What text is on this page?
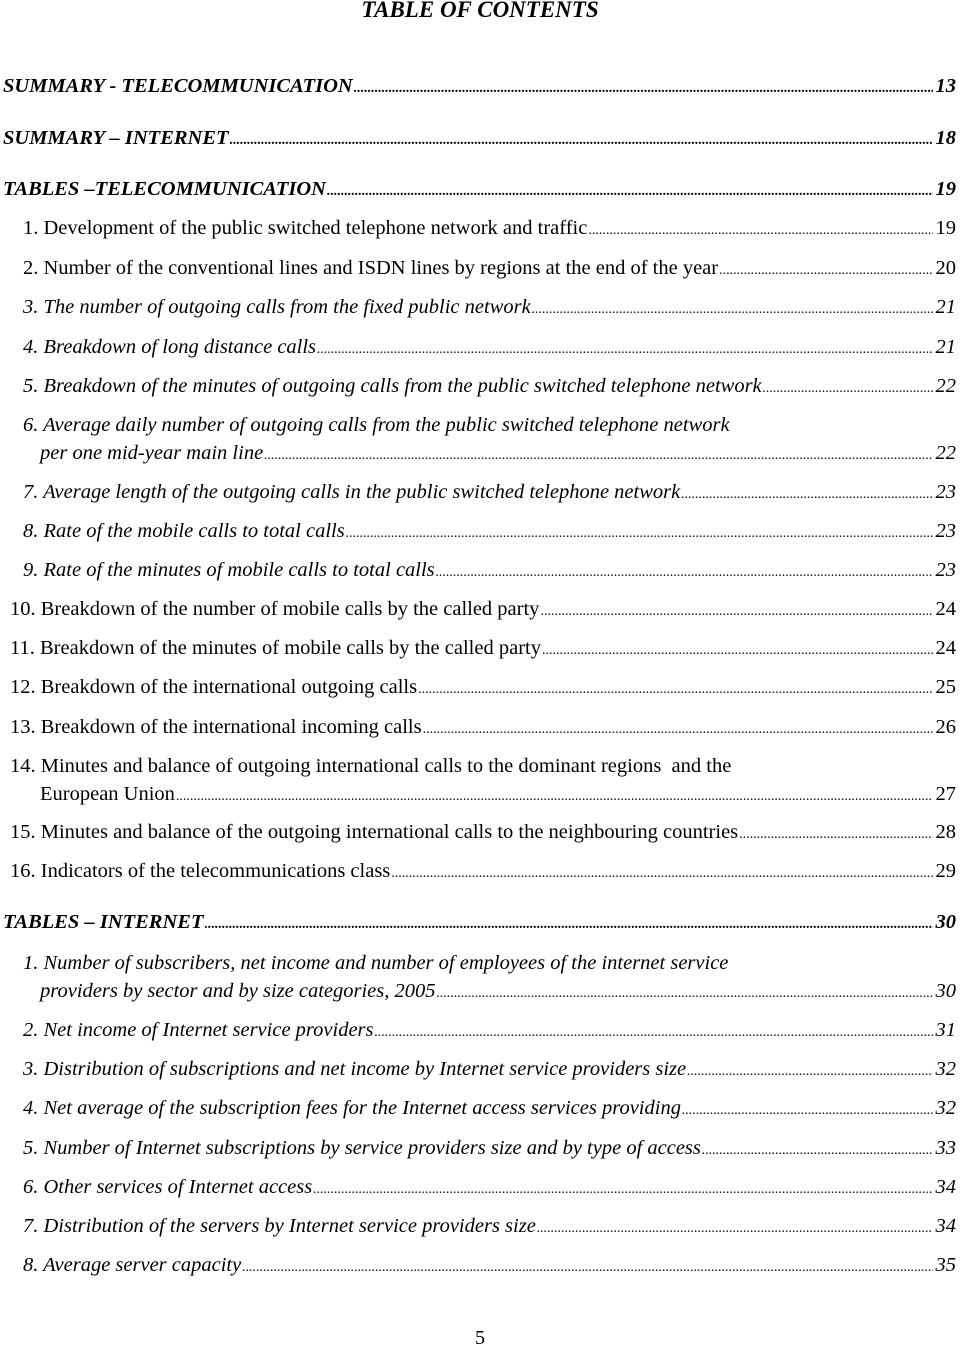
TABLE OF CONTENTS
SUMMARY - TELECOMMUNICATION .....	13
SUMMARY – INTERNET .....	18
TABLES –TELECOMMUNICATION .....	19
1. Development of the public switched telephone network and traffic .....	19
2. Number of the conventional lines and ISDN lines by regions at the end of the year .....	20
3. The number of outgoing calls from the fixed public network .....	21
4. Breakdown of long distance calls .....	21
5. Breakdown of the minutes of outgoing calls from the public switched telephone network .....	22
6. Average daily number of outgoing calls from the public switched telephone network
per one mid-year main line .....	22
7. Average length of the outgoing calls in the public switched telephone network .....	23
8. Rate of the mobile calls to total calls .....	23
9. Rate of the minutes of mobile calls to total calls .....	23
10. Breakdown of the number of mobile calls by the called party .....	24
11. Breakdown of the minutes of mobile calls by the called party .....	24
12. Breakdown of the international outgoing calls .....	25
13. Breakdown of the international incoming calls .....	26
14. Minutes and balance of outgoing international calls to the dominant regions  and the
European Union .....	27
15. Minutes and balance of the outgoing international calls to the neighbouring countries .....	28
16. Indicators of the telecommunications class .....	29
TABLES – INTERNET .....	30
1. Number of subscribers, net income and number of employees of the internet service
providers by sector and by size categories, 2005 .....	30
2. Net income of Internet service providers .....	31
3. Distribution of subscriptions and net income by Internet service providers size .....	32
4. Net average of the subscription fees for the Internet access services providing .....	32
5. Number of Internet subscriptions by service providers size and by type of access .....	33
6. Other services of Internet access .....	34
7. Distribution of the servers by Internet service providers size .....	34
8. Average server capacity .....	35
5
